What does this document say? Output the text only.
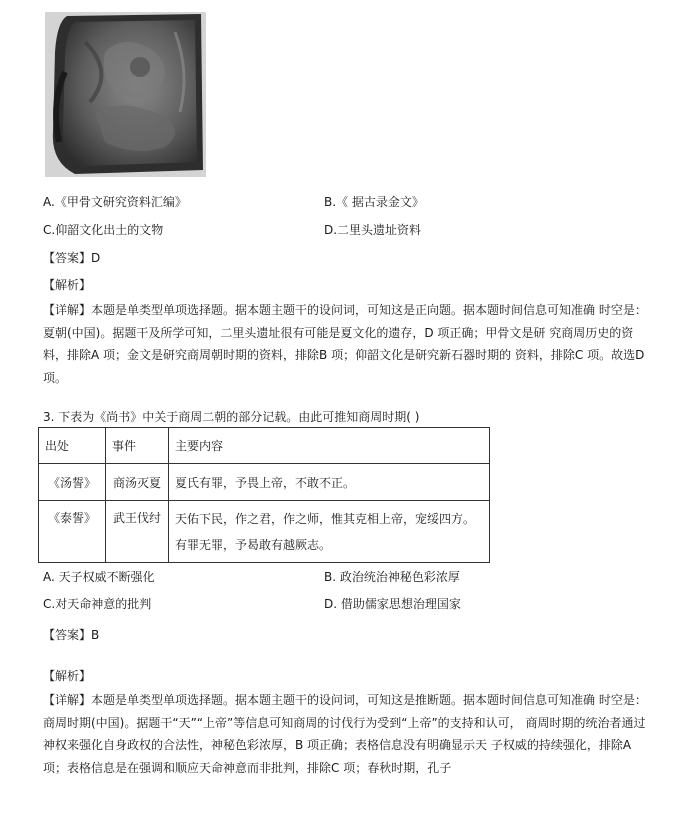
A.《甲骨文研究资料汇编》	B.《 据古录金文》
C.仰韶文化出土的文物	D.二里头遗址资料
【答案】D
【解析】
【详解】本题是单类型单项选择题。据本题主题干的设问词，可知这是正向题。据本题时间信息可知准确 时空是：夏朝(中国)。据题干及所学可知，二里头遗址很有可能是夏文化的遗存，D 项正确；甲骨文是研 究商周历史的资料，排除A 项；金文是研究商周朝时期的资料，排除B 项；仰韶文化是研究新石器时期的 资料，排除C 项。故选D 项。
3. 下表为《尚书》中关于商周二朝的部分记载。由此可推知商周时期( )
出处	事件	主要内容
《汤誓》	商汤灭夏	夏氏有罪，予畏上帝，不敢不正。
《泰誓》	武王伐纣	天佑下民，作之君，作之师，惟其克相上帝，宠绥四方。
有罪无罪，予曷敢有越厥志。
A. 天子权威不断强化	B. 政治统治神秘色彩浓厚
C.对天命神意的批判	D. 借助儒家思想治理国家
【答案】B
【解析】
【详解】本题是单类型单项选择题。据本题主题干的设问词，可知这是推断题。据本题时间信息可知准确 时空是：商周时期(中国)。据题干“天”“上帝”等信息可知商周的讨伐行为受到“上帝”的支持和认可， 商周时期的统治者通过神权来强化自身政权的合法性，神秘色彩浓厚，B 项正确；表格信息没有明确显示天 子权威的持续强化，排除A 项；表格信息是在强调和顺应天命神意而非批判，排除C 项；春秋时期，孔子
